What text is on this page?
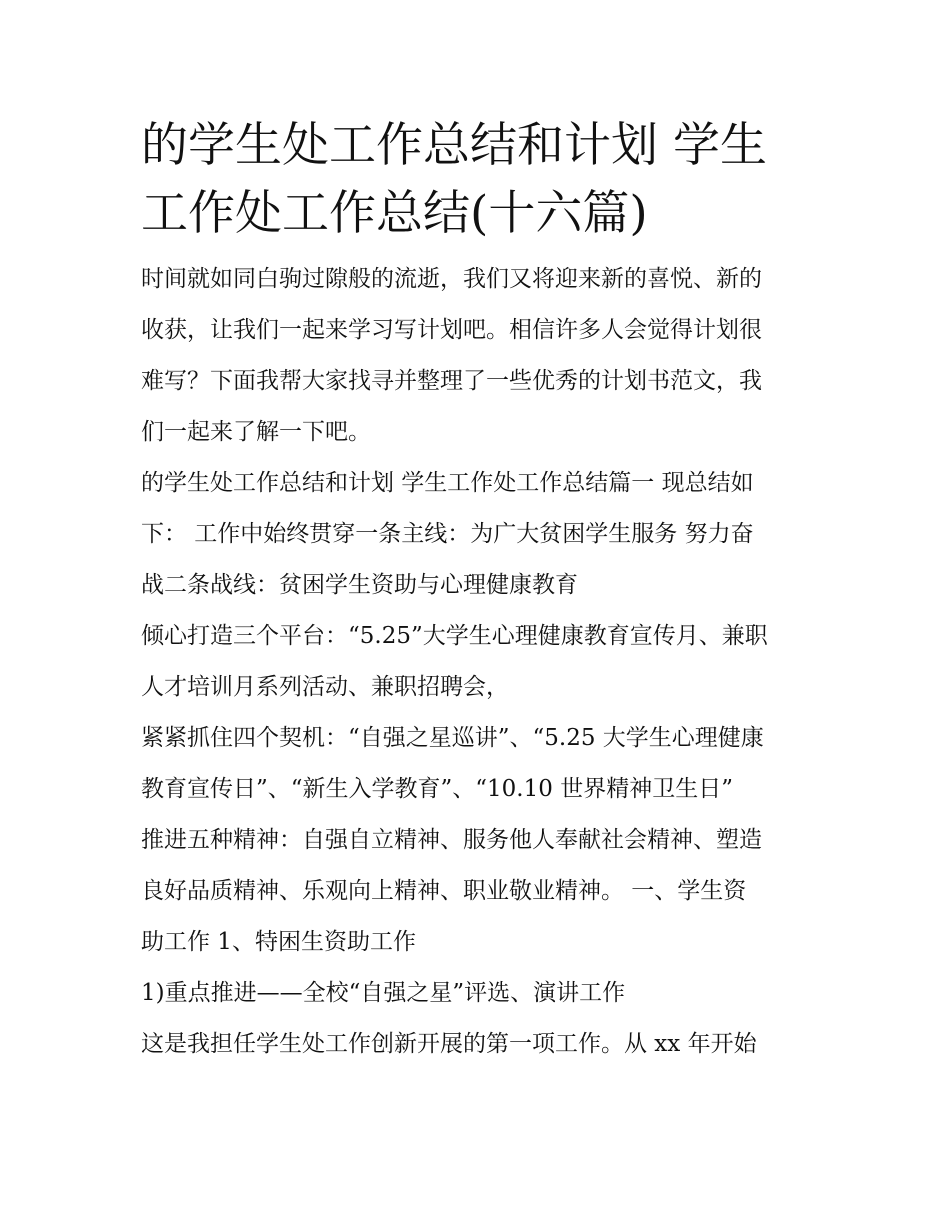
的学生处工作总结和计划 学生
工作处工作总结(十六篇)
时间就如同白驹过隙般的流逝，我们又将迎来新的喜悦、新的
收获，让我们一起来学习写计划吧。相信许多人会觉得计划很
难写？下面我帮大家找寻并整理了一些优秀的计划书范文，我
们一起来了解一下吧。
的学生处工作总结和计划 学生工作处工作总结篇一 现总结如
下： 工作中始终贯穿一条主线：为广大贫困学生服务 努力奋
战二条战线：贫困学生资助与心理健康教育
倾心打造三个平台：“5.25”大学生心理健康教育宣传月、兼职
人才培训月系列活动、兼职招聘会，
紧紧抓住四个契机：“自强之星巡讲”、“5.25 大学生心理健康
教育宣传日”、“新生入学教育”、“10.10 世界精神卫生日”
推进五种精神：自强自立精神、服务他人奉献社会精神、塑造
良好品质精神、乐观向上精神、职业敬业精神。 一、学生资
助工作 1、特困生资助工作
1)重点推进——全校“自强之星”评选、演讲工作
这是我担任学生处工作创新开展的第一项工作。从 xx 年开始
